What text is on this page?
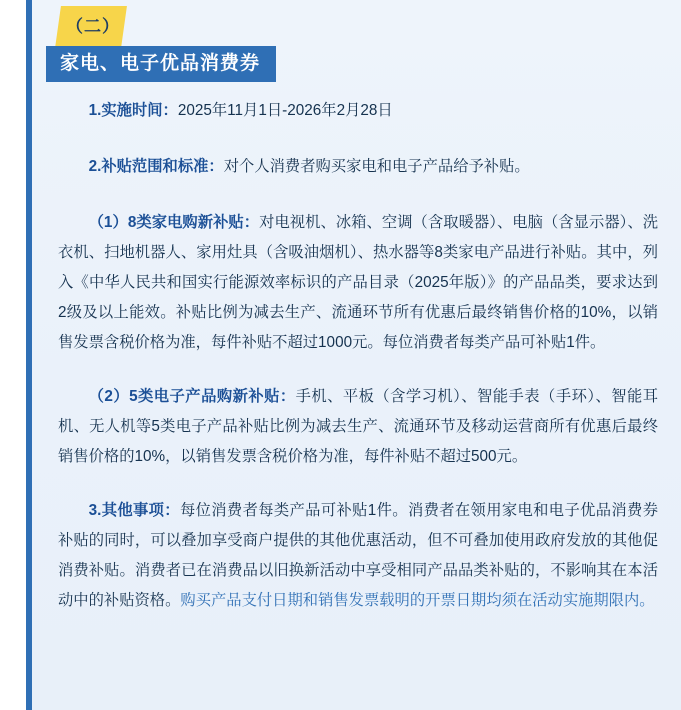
（二）
家电、电子优品消费券

1.实施时间：2025年11月1日-2026年2月28日

2.补贴范围和标准：对个人消费者购买家电和电子产品给予补贴。

（1）8类家电购新补贴：对电视机、冰箱、空调（含取暖器）、电脑（含显示器）、洗衣机、扫地机器人、家用灶具（含吸油烟机）、热水器等8类家电产品进行补贴。其中，列入《中华人民共和国实行能源效率标识的产品目录（2025年版）》的产品品类，要求达到2级及以上能效。补贴比例为减去生产、流通环节所有优惠后最终销售价格的10%，以销售发票含税价格为准，每件补贴不超过1000元。每位消费者每类产品可补贴1件。

（2）5类电子产品购新补贴：手机、平板（含学习机）、智能手表（手环）、智能耳机、无人机等5类电子产品补贴比例为减去生产、流通环节及移动运营商所有优惠后最终销售价格的10%，以销售发票含税价格为准，每件补贴不超过500元。

3.其他事项：每位消费者每类产品可补贴1件。消费者在领用家电和电子优品消费券补贴的同时，可以叠加享受商户提供的其他优惠活动，但不可叠加使用政府发放的其他促消费补贴。消费者已在消费品以旧换新活动中享受相同产品品类补贴的，不影响其在本活动中的补贴资格。购买产品支付日期和销售发票载明的开票日期均须在活动实施期限内。
